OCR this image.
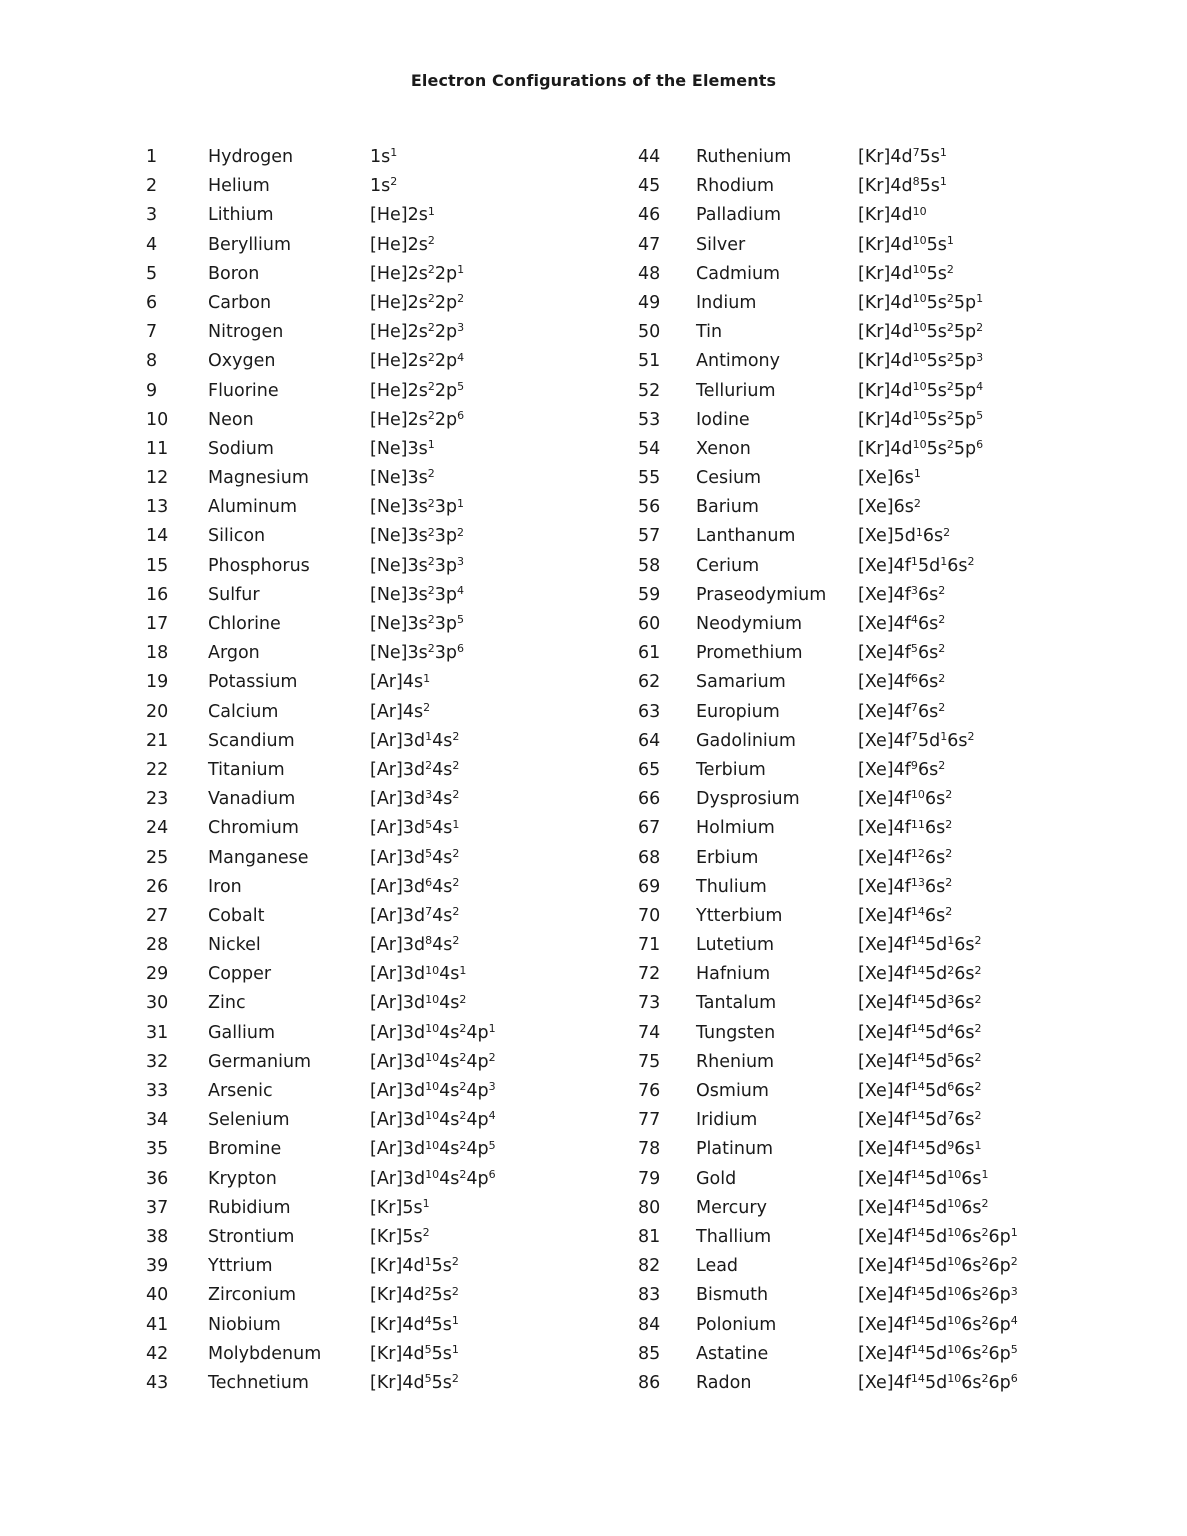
Electron Configurations of the Elements
1	Hydrogen	$1s^1$
2	Helium	$1s^2$
3	Lithium	$[He]2s^1$
4	Beryllium	$[He]2s^2$
5	Boron	$[He]2s^22p^1$
6	Carbon	$[He]2s^22p^2$
7	Nitrogen	$[He]2s^22p^3$
8	Oxygen	$[He]2s^22p^4$
9	Fluorine	$[He]2s^22p^5$
10	Neon	$[He]2s^22p^6$
11	Sodium	$[Ne]3s^1$
12	Magnesium	$[Ne]3s^2$
13	Aluminum	$[Ne]3s^23p^1$
14	Silicon	$[Ne]3s^23p^2$
15	Phosphorus	$[Ne]3s^23p^3$
16	Sulfur	$[Ne]3s^23p^4$
17	Chlorine	$[Ne]3s^23p^5$
18	Argon	$[Ne]3s^23p^6$
19	Potassium	$[Ar]4s^1$
20	Calcium	$[Ar]4s^2$
21	Scandium	$[Ar]3d^14s^2$
22	Titanium	$[Ar]3d^24s^2$
23	Vanadium	$[Ar]3d^34s^2$
24	Chromium	$[Ar]3d^54s^1$
25	Manganese	$[Ar]3d^54s^2$
26	Iron	$[Ar]3d^64s^2$
27	Cobalt	$[Ar]3d^74s^2$
28	Nickel	$[Ar]3d^84s^2$
29	Copper	$[Ar]3d^{10}4s^1$
30	Zinc	$[Ar]3d^{10}4s^2$
31	Gallium	$[Ar]3d^{10}4s^24p^1$
32	Germanium	$[Ar]3d^{10}4s^24p^2$
33	Arsenic	$[Ar]3d^{10}4s^24p^3$
34	Selenium	$[Ar]3d^{10}4s^24p^4$
35	Bromine	$[Ar]3d^{10}4s^24p^5$
36	Krypton	$[Ar]3d^{10}4s^24p^6$
37	Rubidium	$[Kr]5s^1$
38	Strontium	$[Kr]5s^2$
39	Yttrium	$[Kr]4d^15s^2$
40	Zirconium	$[Kr]4d^25s^2$
41	Niobium	$[Kr]4d^45s^1$
42	Molybdenum	$[Kr]4d^55s^1$
43	Technetium	$[Kr]4d^55s^2$
44	Ruthenium	$[Kr]4d^75s^1$
45	Rhodium	$[Kr]4d^85s^1$
46	Palladium	$[Kr]4d^{10}$
47	Silver	$[Kr]4d^{10}5s^1$
48	Cadmium	$[Kr]4d^{10}5s^2$
49	Indium	$[Kr]4d^{10}5s^25p^1$
50	Tin	$[Kr]4d^{10}5s^25p^2$
51	Antimony	$[Kr]4d^{10}5s^25p^3$
52	Tellurium	$[Kr]4d^{10}5s^25p^4$
53	Iodine	$[Kr]4d^{10}5s^25p^5$
54	Xenon	$[Kr]4d^{10}5s^25p^6$
55	Cesium	$[Xe]6s^1$
56	Barium	$[Xe]6s^2$
57	Lanthanum	$[Xe]5d^16s^2$
58	Cerium	$[Xe]4f^15d^16s^2$
59	Praseodymium $[Xe]4f^36s^2$
60	Neodymium	$[Xe]4f^46s^2$
61	Promethium	$[Xe]4f^56s^2$
62	Samarium	$[Xe]4f^66s^2$
63	Europium	$[Xe]4f^76s^2$
64	Gadolinium	$[Xe]4f^75d^16s^2$
65	Terbium	$[Xe]4f^96s^2$
66	Dysprosium	$[Xe]4f^{10}6s^2$
67	Holmium	$[Xe]4f^{11}6s^2$
68	Erbium	$[Xe]4f^{12}6s^2$
69	Thulium	$[Xe]4f^{13}6s^2$
70	Ytterbium	$[Xe]4f^{14}6s^2$
71	Lutetium	$[Xe]4f^{14}5d^16s^2$
72	Hafnium	$[Xe]4f^{14}5d^26s^2$
73	Tantalum	$[Xe]4f^{14}5d^36s^2$
74	Tungsten	$[Xe]4f^{14}5d^46s^2$
75	Rhenium	$[Xe]4f^{14}5d^56s^2$
76	Osmium	$[Xe]4f^{14}5d^66s^2$
77	Iridium	$[Xe]4f^{14}5d^76s^2$
78	Platinum	$[Xe]4f^{14}5d^96s^1$
79	Gold	$[Xe]4f^{14}5d^{10}6s^1$
80	Mercury	$[Xe]4f^{14}5d^{10}6s^2$
81	Thallium	$[Xe]4f^{14}5d^{10}6s^26p^1$
82	Lead	$[Xe]4f^{14}5d^{10}6s^26p^2$
83	Bismuth	$[Xe]4f^{14}5d^{10}6s^26p^3$
84	Polonium	$[Xe]4f^{14}5d^{10}6s^26p^4$
85	Astatine	$[Xe]4f^{14}5d^{10}6s^26p^5$
86	Radon	$[Xe]4f^{14}5d^{10}6s^26p^6$
